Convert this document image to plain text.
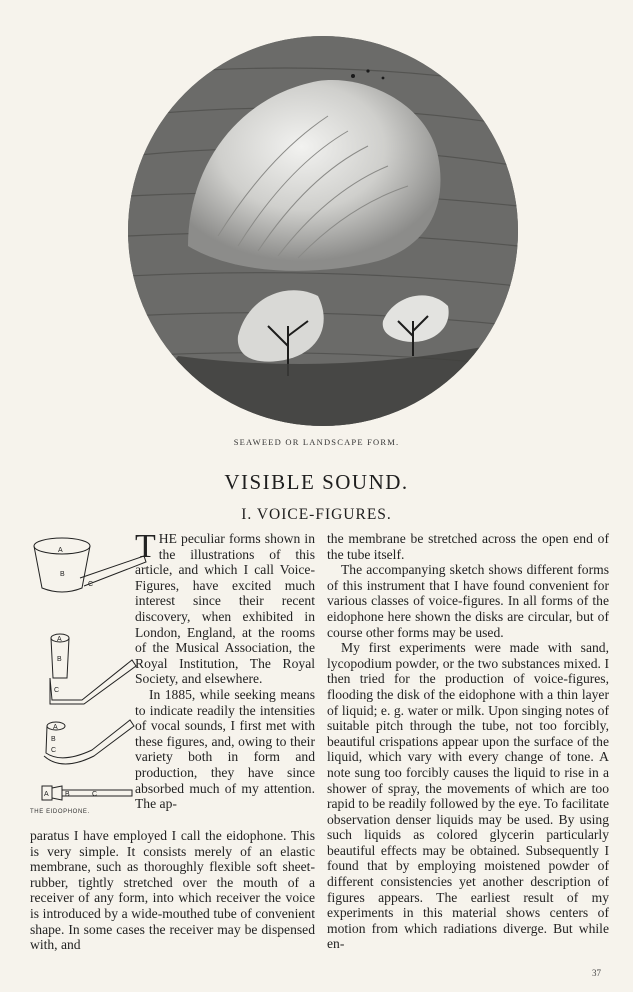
SEAWEED OR LANDSCAPE FORM.
VISIBLE SOUND.
I. VOICE-FIGURES.
A
B
C
A
B
C
A
B
C
A B	C
THE EIDOPHONE.

THE peculiar forms shown in the illustrations of this article, and which I call Voice-Figures, have excited much interest since their recent discovery, when exhibited in London, England, at the rooms of the Musical Association, the Royal Institution, The Royal Society, and elsewhere.

In 1885, while seeking means to indicate readily the intensities of vocal sounds, I first met with these figures, and, owing to their variety both in form and production, they have since absorbed much of my attention. The ap-

paratus I have employed I call the eidophone. This is very simple. It consists merely of an elastic membrane, such as thoroughly flexible soft sheet-rubber, tightly stretched over the mouth of a receiver of any form, into which receiver the voice is introduced by a wide-mouthed tube of convenient shape. In some cases the receiver may be dispensed with, and

the membrane be stretched across the open end of the tube itself.

The accompanying sketch shows different forms of this instrument that I have found convenient for various classes of voice-figures. In all forms of the eidophone here shown the disks are circular, but of course other forms may be used.

My first experiments were made with sand, lycopodium powder, or the two substances mixed. I then tried for the production of voice-figures, flooding the disk of the eidophone with a thin layer of liquid; e. g. water or milk. Upon singing notes of suitable pitch through the tube, not too forcibly, beautiful crispations appear upon the surface of the liquid, which vary with every change of tone. A note sung too forcibly causes the liquid to rise in a shower of spray, the movements of which are too rapid to be readily followed by the eye. To facilitate observation denser liquids may be used. By using such liquids as colored glycerin particularly beautiful effects may be obtained. Subsequently I found that by employing moistened powder of different consistencies yet another description of figures appears. The earliest result of my experiments in this material shows centers of motion from which radiations diverge. But while en-

37
